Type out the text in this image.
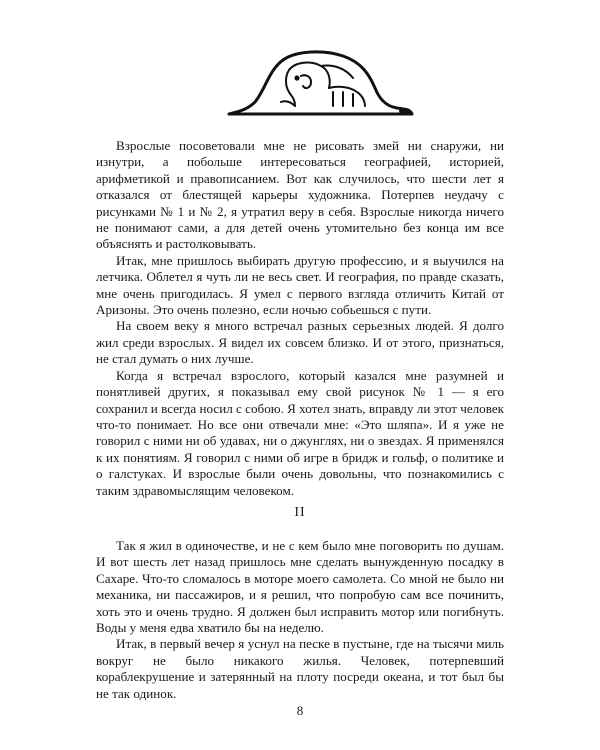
Взрослые посоветовали мне не рисовать змей ни снаружи, ни изнутри, а побольше интересоваться географией, историей, арифметикой и правописанием. Вот как случилось, что шести лет я отказался от блестящей карьеры художника. Потерпев неудачу с рисунками № 1 и № 2, я утратил веру в себя. Взрослые никогда ничего не понимают сами, а для детей очень утомительно без конца им все объяснять и растолковывать.

Итак, мне пришлось выбирать другую профессию, и я выучился на летчика. Облетел я чуть ли не весь свет. И география, по правде сказать, мне очень пригодилась. Я умел с первого взгляда отличить Китай от Аризоны. Это очень полезно, если ночью собьешься с пути.

На своем веку я много встречал разных серьезных людей. Я долго жил среди взрослых. Я видел их совсем близко. И от этого, признаться, не стал думать о них лучше.

Когда я встречал взрослого, который казался мне разумней и понятливей других, я показывал ему свой рисунок № 1 — я его сохранил и всегда носил с собою. Я хотел знать, вправду ли этот человек что-то понимает. Но все они отвечали мне: «Это шляпа». И я уже не говорил с ними ни об удавах, ни о джунглях, ни о звездах. Я применялся к их понятиям. Я говорил с ними об игре в бридж и гольф, о политике и о галстуках. И взрослые были очень довольны, что познакомились с таким здравомыслящим человеком.

II

Так я жил в одиночестве, и не с кем было мне поговорить по душам. И вот шесть лет назад пришлось мне сделать вынужденную посадку в Сахаре. Что-то сломалось в моторе моего самолета. Со мной не было ни механика, ни пассажиров, и я решил, что попробую сам все починить, хоть это и очень трудно. Я должен был исправить мотор или погибнуть. Воды у меня едва хватило бы на неделю.

Итак, в первый вечер я уснул на песке в пустыне, где на тысячи миль вокруг не было никакого жилья. Человек, потерпевший кораблекрушение и затерянный на плоту посреди океана, и тот был бы не так одинок.

8
